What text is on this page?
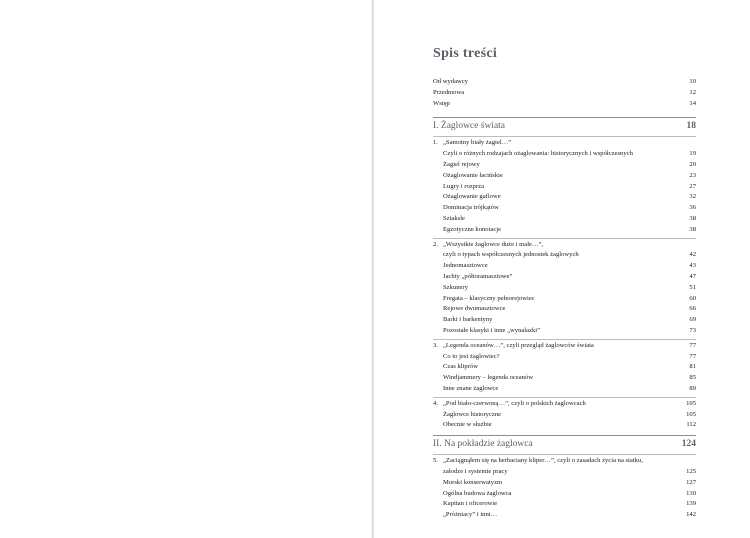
Spis treści
Od wydawcy	10
Przedmowa	12
Wstęp	14
I. Żaglowce świata	18
1. „Samotny biały żagiel…”
Czyli o różnych rodzajach ożaglowania: historycznych i współczesnych	19
Żagiel rejowy	20
Ożaglowanie łacińskie	23
Lugry i rozprza	27
Ożaglowanie gaflowe	32
Dominacja trójkątów	36
Sztaksle	38
Egzotyczne konotacje	38
2. „Wszystkie żaglowce duże i małe…”,
czyli o typach współczesnych jednostek żaglowych	42
Jednomasztowce	43
Jachty „półtoramasztowe”	47
Szkunery	51
Fregata – klasyczny pełnorejowiec	60
Rejowe dwumasztowce	66
Barki i barkentyny	69
Pozostałe klasyki i inne „wynalazki”	73
3. „Legenda oceanów…”, czyli przegląd żaglowców świata	77
Co to jest żaglowiec?	77
Czas kliprów	81
Windjammery – legenda oceanów	85
Inne znane żaglowce	89
4. „Pod biało-czerwoną…”, czyli o polskich żaglowcach	105
Żaglowce historyczne	105
Obecnie w służbie	112
II. Na pokładzie żaglowca	124
5. „Zaciągnąłem się na herbaciany kliper…”, czyli o zasadach życia na statku,
załodze i systemie pracy	125
Morski konserwatyzm	127
Ogólna budowa żaglowca	130
Kapitan i oficerowie	139
„Próżniacy” i inni…	142
